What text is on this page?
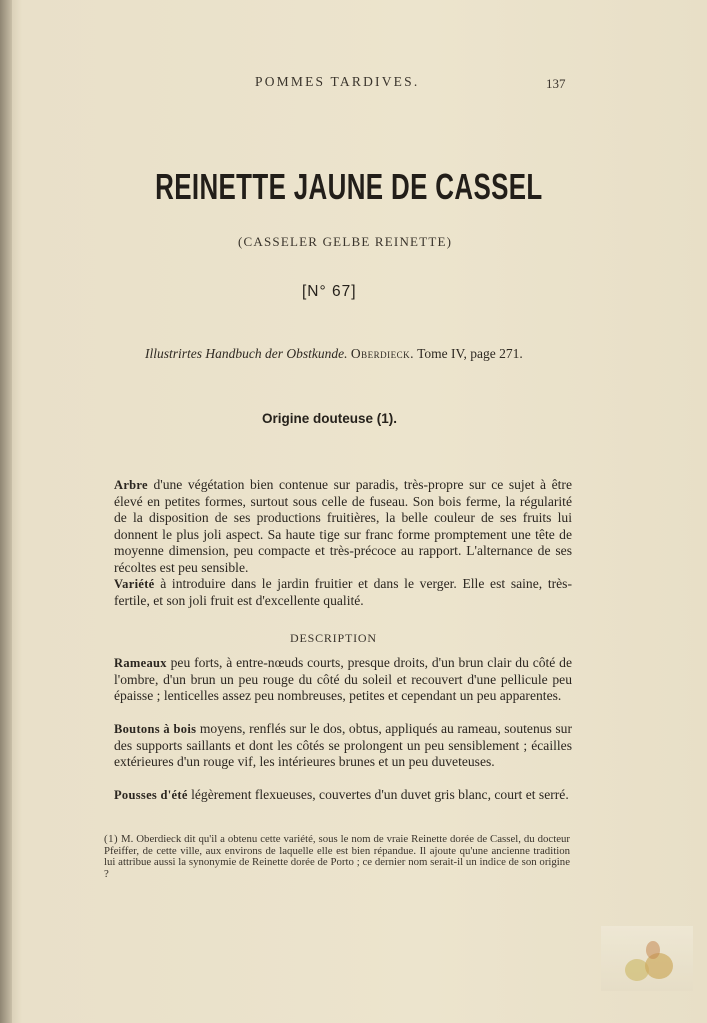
POMMES TARDIVES.	137
REINETTE JAUNE DE CASSEL
(CASSELER GELBE REINETTE)
[N° 67]
Illustrirtes Handbuch der Obstkunde. Oberdieck. Tome IV, page 271.
Origine douteuse (1).
Arbre d'une végétation bien contenue sur paradis, très-propre sur ce sujet à être élevé en petites formes, surtout sous celle de fuseau. Son bois ferme, la régularité de la disposition de ses productions fruitières, la belle couleur de ses fruits lui donnent le plus joli aspect. Sa haute tige sur franc forme promptement une tête de moyenne dimension, peu compacte et très-précoce au rapport. L'alternance de ses récoltes est peu sensible.
Variété à introduire dans le jardin fruitier et dans le verger. Elle est saine, très-fertile, et son joli fruit est d'excellente qualité.
DESCRIPTION
Rameaux peu forts, à entre-nœuds courts, presque droits, d'un brun clair du côté de l'ombre, d'un brun un peu rouge du côté du soleil et recouvert d'une pellicule peu épaisse ; lenticelles assez peu nombreuses, petites et cependant un peu apparentes.
Boutons à bois moyens, renflés sur le dos, obtus, appliqués au rameau, soutenus sur des supports saillants et dont les côtés se prolongent un peu sensiblement ; écailles extérieures d'un rouge vif, les intérieures brunes et un peu duveteuses.
Pousses d'été légèrement flexueuses, couvertes d'un duvet gris blanc, court et serré.
(1) M. Oberdieck dit qu'il a obtenu cette variété, sous le nom de vraie Reinette dorée de Cassel, du docteur Pfeiffer, de cette ville, aux environs de laquelle elle est bien répandue. Il ajoute qu'une ancienne tradition lui attribue aussi la synonymie de Reinette dorée de Porto ; ce dernier nom serait-il un indice de son origine ?
